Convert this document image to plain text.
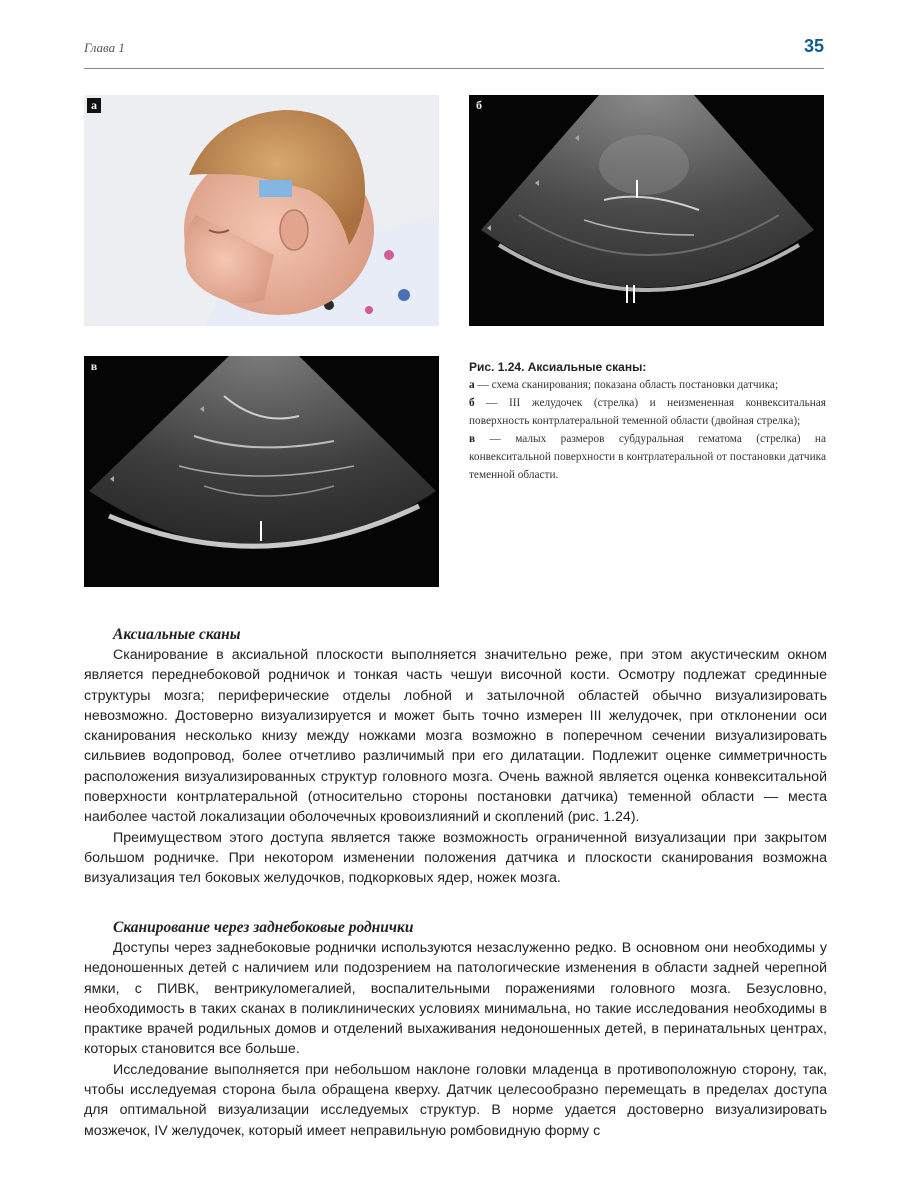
Глава 1	35
а	б
в	Рис. 1.24. Аксиальные сканы:
а — схема сканирования; показана область постановки датчика;
б — III желудочек (стрелка) и неизмененная конвекситальная поверхность контрлатеральной теменной области (двойная стрелка);
в — малых размеров субдуральная гематома (стрелка) на конвекситальной поверхности в контрлатеральной от постановки датчика теменной области.
Аксиальные сканы

Сканирование в аксиальной плоскости выполняется значительно реже, при этом акустическим окном является переднебоковой родничок и тонкая часть чешуи височной кости. Осмотру подлежат срединные структуры мозга; периферические отделы лобной и затылочной областей обычно визуализировать невозможно. Достоверно визуализируется и может быть точно измерен III желудочек, при отклонении оси сканирования несколько книзу между ножками мозга возможно в поперечном сечении визуализировать сильвиев водопровод, более отчетливо различимый при его дилатации. Подлежит оценке симметричность расположения визуализированных структур головного мозга. Очень важной является оценка конвекситальной поверхности контрлатеральной (относительно стороны постановки датчика) теменной области — места наиболее частой локализации оболочечных кровоизлияний и скоплений (рис. 1.24).

Преимуществом этого доступа является также возможность ограниченной визуализации при закрытом большом родничке. При некотором изменении положения датчика и плоскости сканирования возможна визуализация тел боковых желудочков, подкорковых ядер, ножек мозга.

Сканирование через заднебоковые роднички

Доступы через заднебоковые роднички используются незаслуженно редко. В основном они необходимы у недоношенных детей с наличием или подозрением на патологические изменения в области задней черепной ямки, с ПИВК, вентрикуломегалией, воспалительными поражениями головного мозга. Безусловно, необходимость в таких сканах в поликлинических условиях минимальна, но такие исследования необходимы в практике врачей родильных домов и отделений выхаживания недоношенных детей, в перинатальных центрах, которых становится все больше.

Исследование выполняется при небольшом наклоне головки младенца в противоположную сторону, так, чтобы исследуемая сторона была обращена кверху. Датчик целесообразно перемещать в пределах доступа для оптимальной визуализации исследуемых структур. В норме удается достоверно визуализировать мозжечок, IV желудочек, который имеет неправильную ромбовидную форму с
